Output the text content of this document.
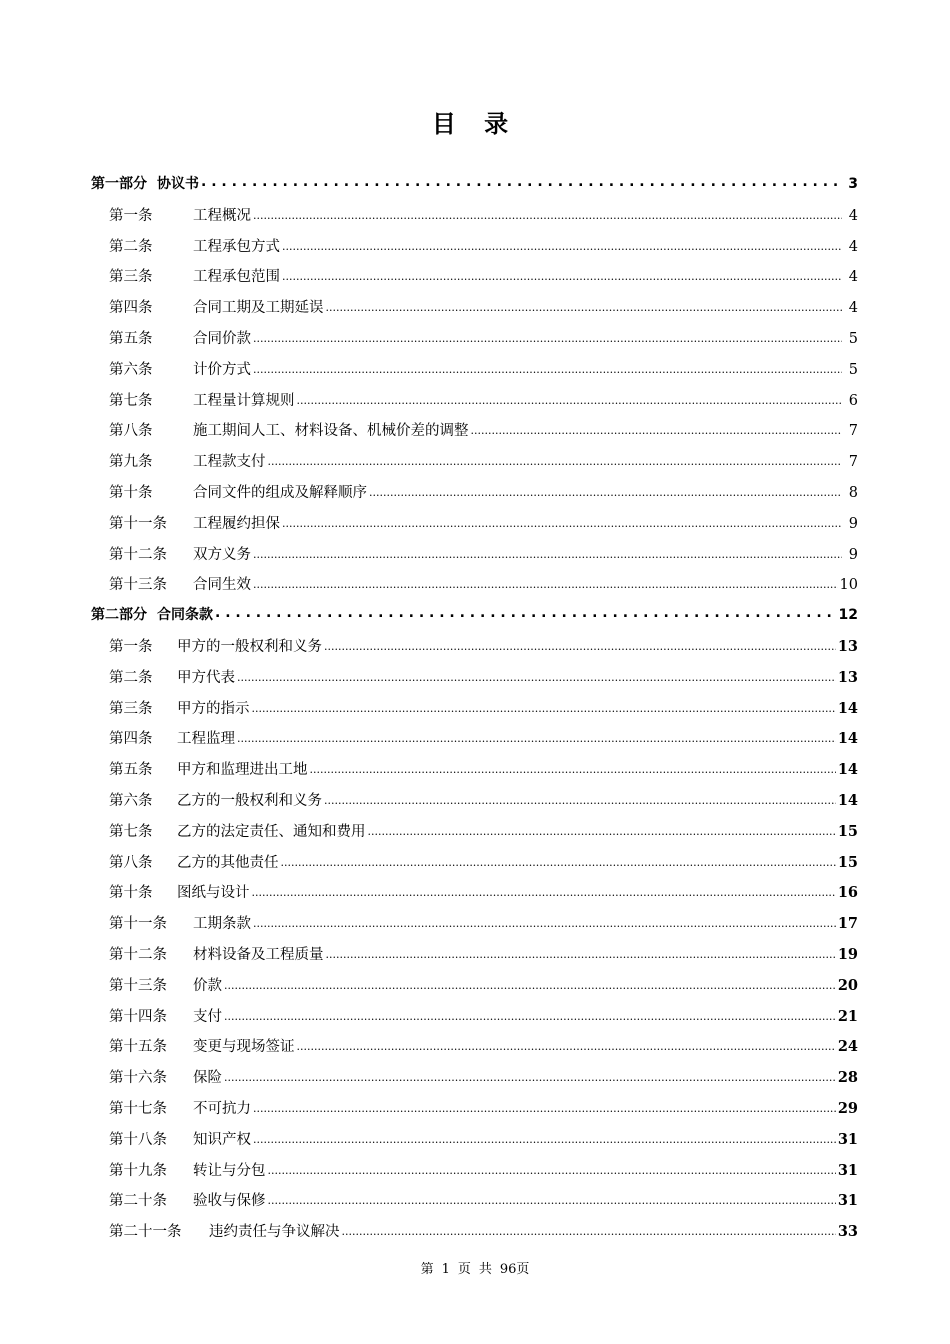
目 录
第一部分 协议书 . . .	3
第一条	工程概况 .....	4
第二条	工程承包方式 .....	4
第三条	工程承包范围 .....	4
第四条	合同工期及工期延误 .....	4
第五条	合同价款 .....	5
第六条	计价方式 .....	5
第七条	工程量计算规则 .....	6
第八条	施工期间人工、材料设备、机械价差的调整 .....	7
第九条	工程款支付 .....	7
第十条	合同文件的组成及解释顺序 .....	8
第十一条	工程履约担保 .....	9
第十二条	双方义务 .....	9
第十三条	合同生效 .....	10
第二部分 合同条款 . . .	12
第一条	甲方的一般权利和义务 .....	13
第二条	甲方代表 .....	13
第三条	甲方的指示 .....	14
第四条	工程监理 .....	14
第五条	甲方和监理进出工地 .....	14
第六条	乙方的一般权利和义务 .....	14
第七条	乙方的法定责任、通知和费用 .....	15
第八条	乙方的其他责任 .....	15
第十条	图纸与设计 .....	16
第十一条	工期条款 .....	17
第十二条	材料设备及工程质量 .....	19
第十三条	价款 .....	20
第十四条	支付 .....	21
第十五条	变更与现场签证 .....	24
第十六条	保险 .....	28
第十七条	不可抗力 .....	29
第十八条	知识产权 .....	31
第十九条	转让与分包 .....	31
第二十条	验收与保修 .....	31
第二十一条	违约责任与争议解决 .....	33
第 1 页 共 96页
